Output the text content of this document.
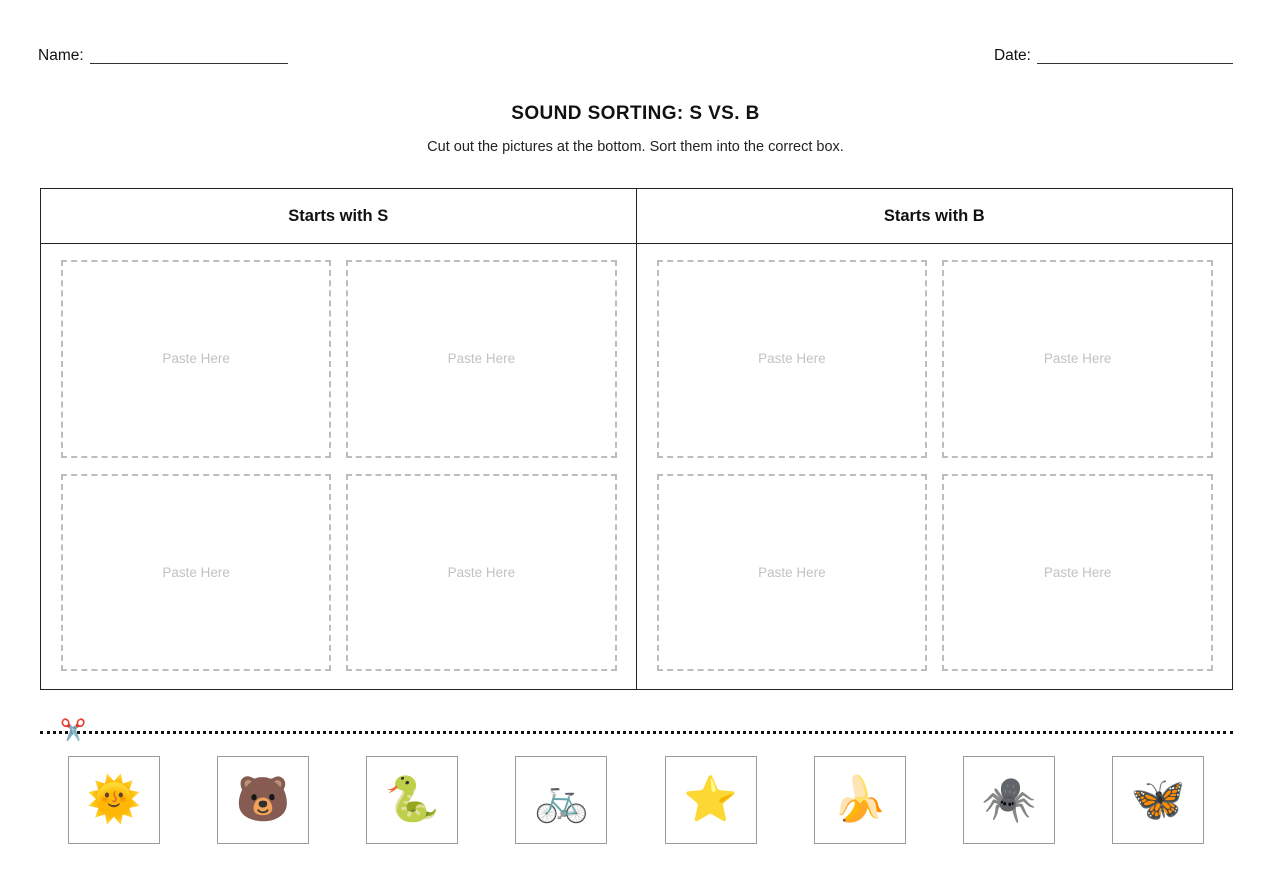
Name:	Date:
SOUND SORTING: S VS. B
Cut out the pictures at the bottom. Sort them into the correct box.
Starts with S
Paste Here	Paste Here
Paste Here	Paste Here
Starts with B
Paste Here	Paste Here
Paste Here	Paste Here
✂️
🌞 🐻 🐍 🚲 ⭐ 🍌 🕷️ 🦋
